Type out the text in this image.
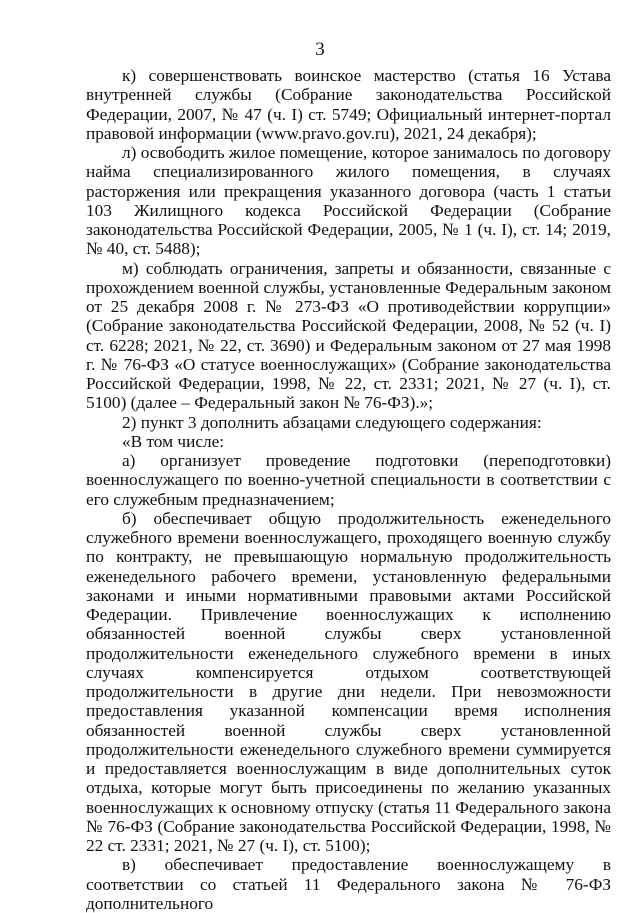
3

к) совершенствовать воинское мастерство (статья 16 Устава внутренней службы (Собрание законодательства Российской Федерации, 2007, № 47 (ч. I) ст. 5749; Официальный интернет-портал правовой информации (www.pravo.gov.ru), 2021, 24 декабря);

л) освободить жилое помещение, которое занималось по договору найма специализированного жилого помещения, в случаях расторжения или прекращения указанного договора (часть 1 статьи 103 Жилищного кодекса Российской Федерации (Собрание законодательства Российской Федерации, 2005, № 1 (ч. I), ст. 14; 2019, № 40, ст. 5488);

м) соблюдать ограничения, запреты и обязанности, связанные с прохождением военной службы, установленные Федеральным законом от 25 декабря 2008 г. № 273-ФЗ «О противодействии коррупции» (Собрание законодательства Российской Федерации, 2008, № 52 (ч. I) ст. 6228; 2021, № 22, ст. 3690) и Федеральным законом от 27 мая 1998 г. № 76-ФЗ «О статусе военнослужащих» (Собрание законодательства Российской Федерации, 1998, № 22, ст. 2331; 2021, № 27 (ч. I), ст. 5100) (далее – Федеральный закон № 76-ФЗ).»;

2) пункт 3 дополнить абзацами следующего содержания:

«В том числе:

а) организует проведение подготовки (переподготовки) военнослужащего по военно-учетной специальности в соответствии с его служебным предназначением;

б) обеспечивает общую продолжительность еженедельного служебного времени военнослужащего, проходящего военную службу по контракту, не превышающую нормальную продолжительность еженедельного рабочего времени, установленную федеральными законами и иными нормативными правовыми актами Российской Федерации. Привлечение военнослужащих к исполнению обязанностей военной службы сверх установленной продолжительности еженедельного служебного времени в иных случаях компенсируется отдыхом соответствующей продолжительности в другие дни недели. При невозможности предоставления указанной компенсации время исполнения обязанностей военной службы сверх установленной продолжительности еженедельного служебного времени суммируется и предоставляется военнослужащим в виде дополнительных суток отдыха, которые могут быть присоединены по желанию указанных военнослужащих к основному отпуску (статья 11 Федерального закона № 76-ФЗ (Собрание законодательства Российской Федерации, 1998, № 22 ст. 2331; 2021, № 27 (ч. I), ст. 5100);

в) обеспечивает предоставление военнослужащему в соответствии со статьей 11 Федерального закона № 76-ФЗ дополнительного
